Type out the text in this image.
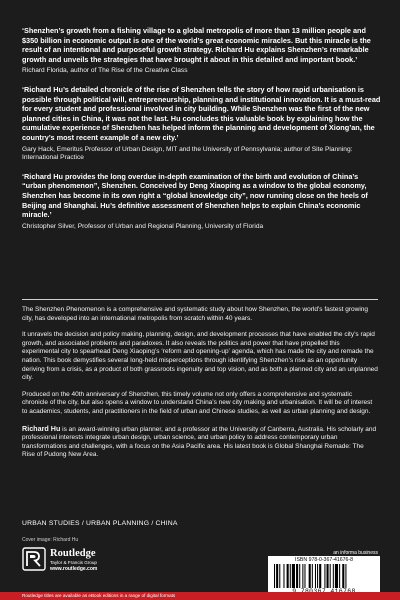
‘Shenzhen’s growth from a fishing village to a global metropolis of more than 13 million people and $350 billion in economic output is one of the world’s great economic miracles. But this miracle is the result of an intentional and purposeful growth strategy. Richard Hu explains Shenzhen’s remarkable growth and unveils the strategies that have brought it about in this detailed and important book.’
Richard Florida, author of The Rise of the Creative Class
‘Richard Hu’s detailed chronicle of the rise of Shenzhen tells the story of how rapid urbanisation is possible through political will, entrepreneurship, planning and institutional innovation. It is a must-read for every student and professional involved in city building. While Shenzhen was the first of the new planned cities in China, it was not the last. Hu concludes this valuable book by explaining how the cumulative experience of Shenzhen has helped inform the planning and development of Xiong’an, the country’s most recent example of a new city.’
Gary Hack, Emeritus Professor of Urban Design, MIT and the University of Pennsylvania; author of Site Planning: International Practice
‘Richard Hu provides the long overdue in-depth examination of the birth and evolution of China’s “urban phenomenon”, Shenzhen. Conceived by Deng Xiaoping as a window to the global economy, Shenzhen has become in its own right a “global knowledge city”, now running close on the heels of Beijing and Shanghai. Hu’s definitive assessment of Shenzhen helps to explain China’s economic miracle.’
Christopher Silver, Professor of Urban and Regional Planning, University of Florida

The Shenzhen Phenomenon is a comprehensive and systematic study about how Shenzhen, the world’s fastest growing city, has developed into an international metropolis from scratch within 40 years.

It unravels the decision and policy making, planning, design, and development processes that have enabled the city’s rapid growth, and associated problems and paradoxes. It also reveals the politics and power that have propelled this experimental city to spearhead Deng Xiaoping’s ‘reform and opening-up’ agenda, which has made the city and remade the nation. This book demystifies several long-held misperceptions through identifying Shenzhen’s rise as an opportunity deriving from a crisis, as a product of both grassroots ingenuity and top vision, and as both a planned city and an unplanned city.

Produced on the 40th anniversary of Shenzhen, this timely volume not only offers a comprehensive and systematic chronicle of the city, but also opens a window to understand China’s new city making and urbanisation. It will be of interest to academics, students, and practitioners in the field of urban and Chinese studies, as well as urban planning and design.

Richard Hu is an award-winning urban planner, and a professor at the University of Canberra, Australia. His scholarly and professional interests integrate urban design, urban science, and urban policy to address contemporary urban transformations and challenges, with a focus on the Asia Pacific area. His latest book is Global Shanghai Remade: The Rise of Pudong New Area.

URBAN STUDIES / URBAN PLANNING / CHINA
Cover image: Richard Hu
Routledge
Taylor & Francis Group
www.routledge.com
an informa business
ISBN 978-0-367-41676-8
Routledge titles are available as eBook editions in a range of digital formats
